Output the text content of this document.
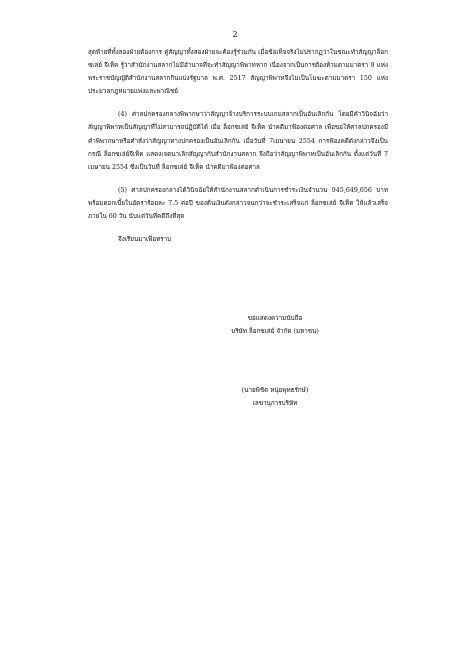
2

สุดท้ายที่ทั้งสองฝ่ายต้องการ คู่สัญญาทั้งสองฝ่ายจะต้องรู้ร่วมกัน เมื่อข้อเท็จจริงไม่ปรากฏว่าในขณะทำสัญญาล็อกซเล่ย์ จีเท็ค รู้ว่าสำนักงานสลากไม่มีอำนาจที่จะทำสัญญาพิพาทหาก เนื่องจากเป็นการต้องห้ามตามมาตรา 9 แห่งพระราชบัญญัติสำนักงานสลากกินแบ่งรัฐบาล พ.ศ. 2517 สัญญาพิพาทจึงไม่เป็นโมฆะตามมาตรา 150 แห่งประมวลกฎหมายแพ่งและพาณิชย์

(4) ศาลปกครองกลางพิพากษาว่าสัญญาจ้างบริการระบบเกมสลากเป็นอันเลิกกัน โดยมีคำวินิจฉัยว่า สัญญาพิพาทเป็นสัญญาที่ไม่สามารถปฏิบัติได้ เมื่อ ล็อกซเล่ย์ จีเท็ค นำคดีมาฟ้องต่อศาล เพื่อขอให้ศาลปกครองมีคำพิพากษาหรือคำสั่งว่าสัญญาทางปกครองเป็นอันเลิกกัน เมื่อวันที่ 7เมษายน 2554 การฟ้องคดีดังกล่าวจึงเป็นกรณี ล็อกซเล่ย์จีเท็ค แสดงเจตนาเลิกสัญญากับสำนักงานสลาก จึงถือว่าสัญญาพิพาทเป็นอันเลิกกัน ตั้งแต่วันที่ 7 เมษายน 2554 ซึ่งเป็นวันที่ ล็อกซเล่ย์ จีเท็ค นำคดีมาฟ้องต่อศาล

(5) ศาลปกครองกลางได้วินิจฉัยให้สำนักงานสลากดำเนินการชำระเงินจำนวน 945,649,656 บาท พร้อมดอกเบี้ยในอัตราร้อยละ 7.5 ต่อปี ของต้นเงินดังกล่าวจนกว่าจะชำระเสร็จแก่ ล็อกซเล่ย์ จีเท็ค ให้แล้วเสร็จภายใน 60 วัน นับแต่วันที่คดีถึงที่สุด

จึงเรียนมาเพื่อทราบ

ขอแสดงความนับถือ
บริษัท ล็อกซเล่ย์ จำกัด (มหาชน)
(นายพิชิต หนุ่ยพุทธรักษ์)
เลขานุการบริษัท
